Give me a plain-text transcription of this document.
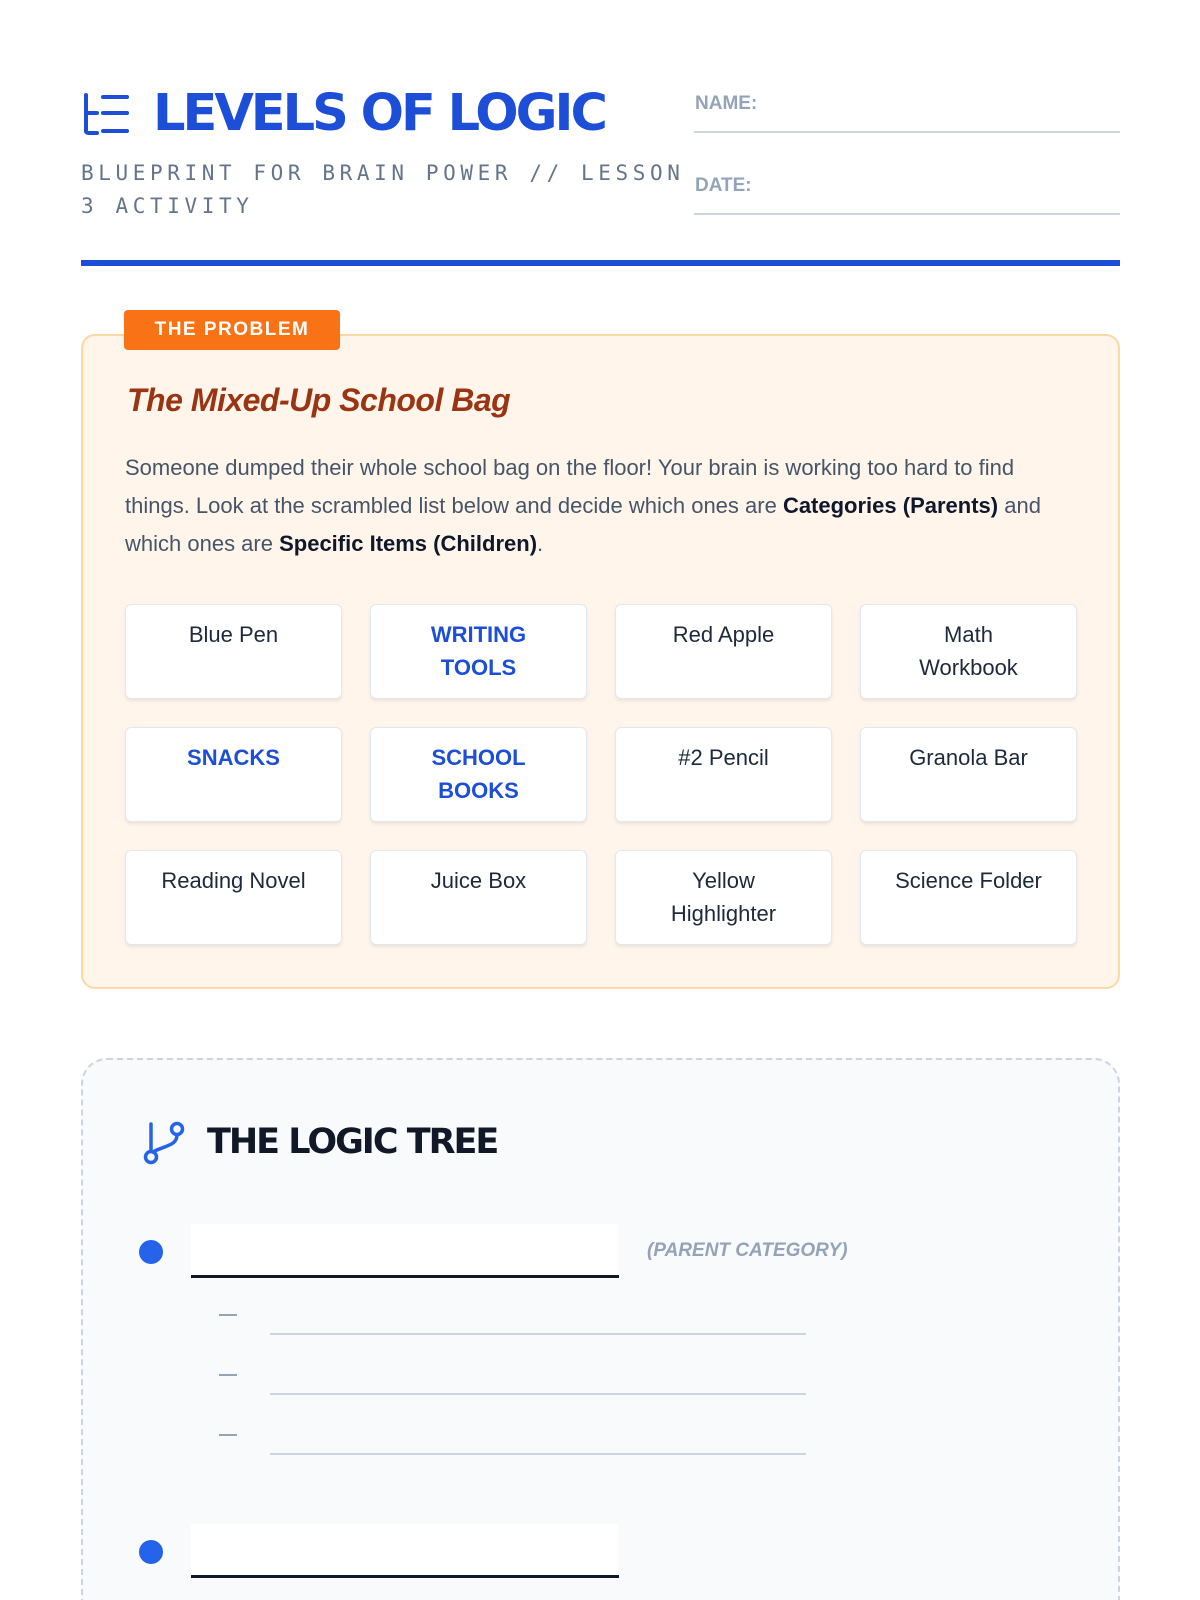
LEVELS OF LOGIC
BLUEPRINT FOR BRAIN POWER // LESSON 3 ACTIVITY
NAME:
DATE:
THE PROBLEM
The Mixed-Up School Bag
Someone dumped their whole school bag on the floor! Your brain is working too hard to find things. Look at the scrambled list below and decide which ones are Categories (Parents) and which ones are Specific Items (Children).
Blue Pen	WRITING TOOLS
Red Apple	Math Workbook
SNACKS	SCHOOL BOOKS
#2 Pencil	Granola Bar
Reading Novel	Juice Box	Yellow Highlighter
Science Folder
THE LOGIC TREE
(PARENT CATEGORY)
